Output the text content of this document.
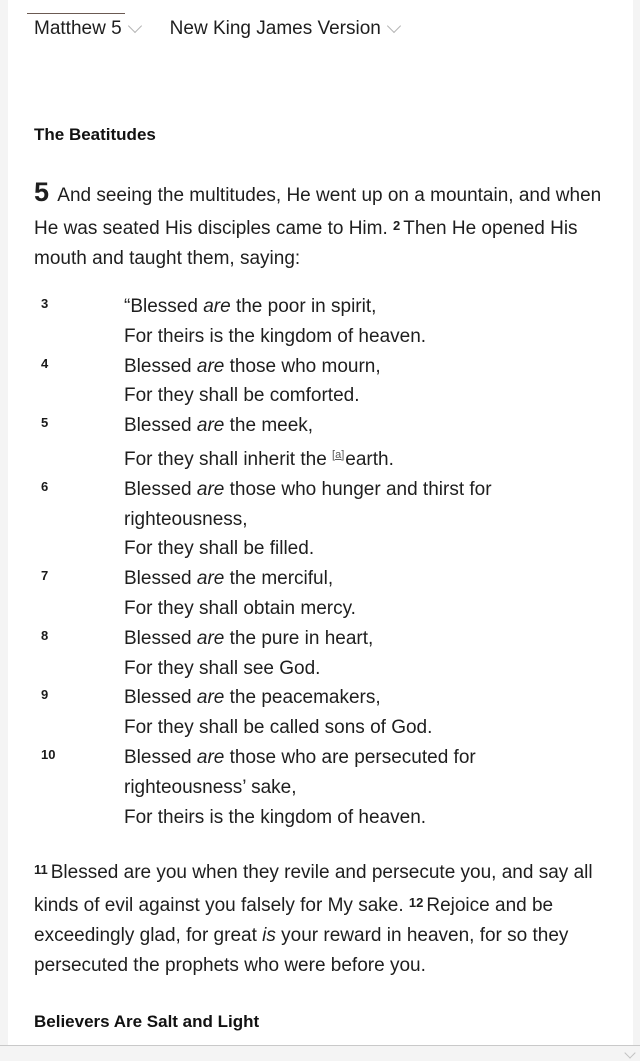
Matthew 5	New King James Version
The Beatitudes
5 And seeing the multitudes, He went up on a mountain, and when He was seated His disciples came to Him. $^2$ Then He opened His mouth and taught them, saying:
3	“Blessed are the poor in spirit,
For theirs is the kingdom of heaven.
4	Blessed are those who mourn,
For they shall be comforted.
5	Blessed are the meek,
For they shall inherit the [a]earth.
6	Blessed are those who hunger and thirst for
righteousness,
For they shall be filled.
7	Blessed are the merciful,
For they shall obtain mercy.
8	Blessed are the pure in heart,
For they shall see God.
9	Blessed are the peacemakers,
For they shall be called sons of God.
10	Blessed are those who are persecuted for
righteousness’ sake,
For theirs is the kingdom of heaven.
$^{11}$ Blessed are you when they revile and persecute you, and say all kinds of evil against you falsely for My sake. $^{12}$ Rejoice and be exceedingly glad, for great is your reward in heaven, for so they persecuted the prophets who were before you.
Believers Are Salt and Light
